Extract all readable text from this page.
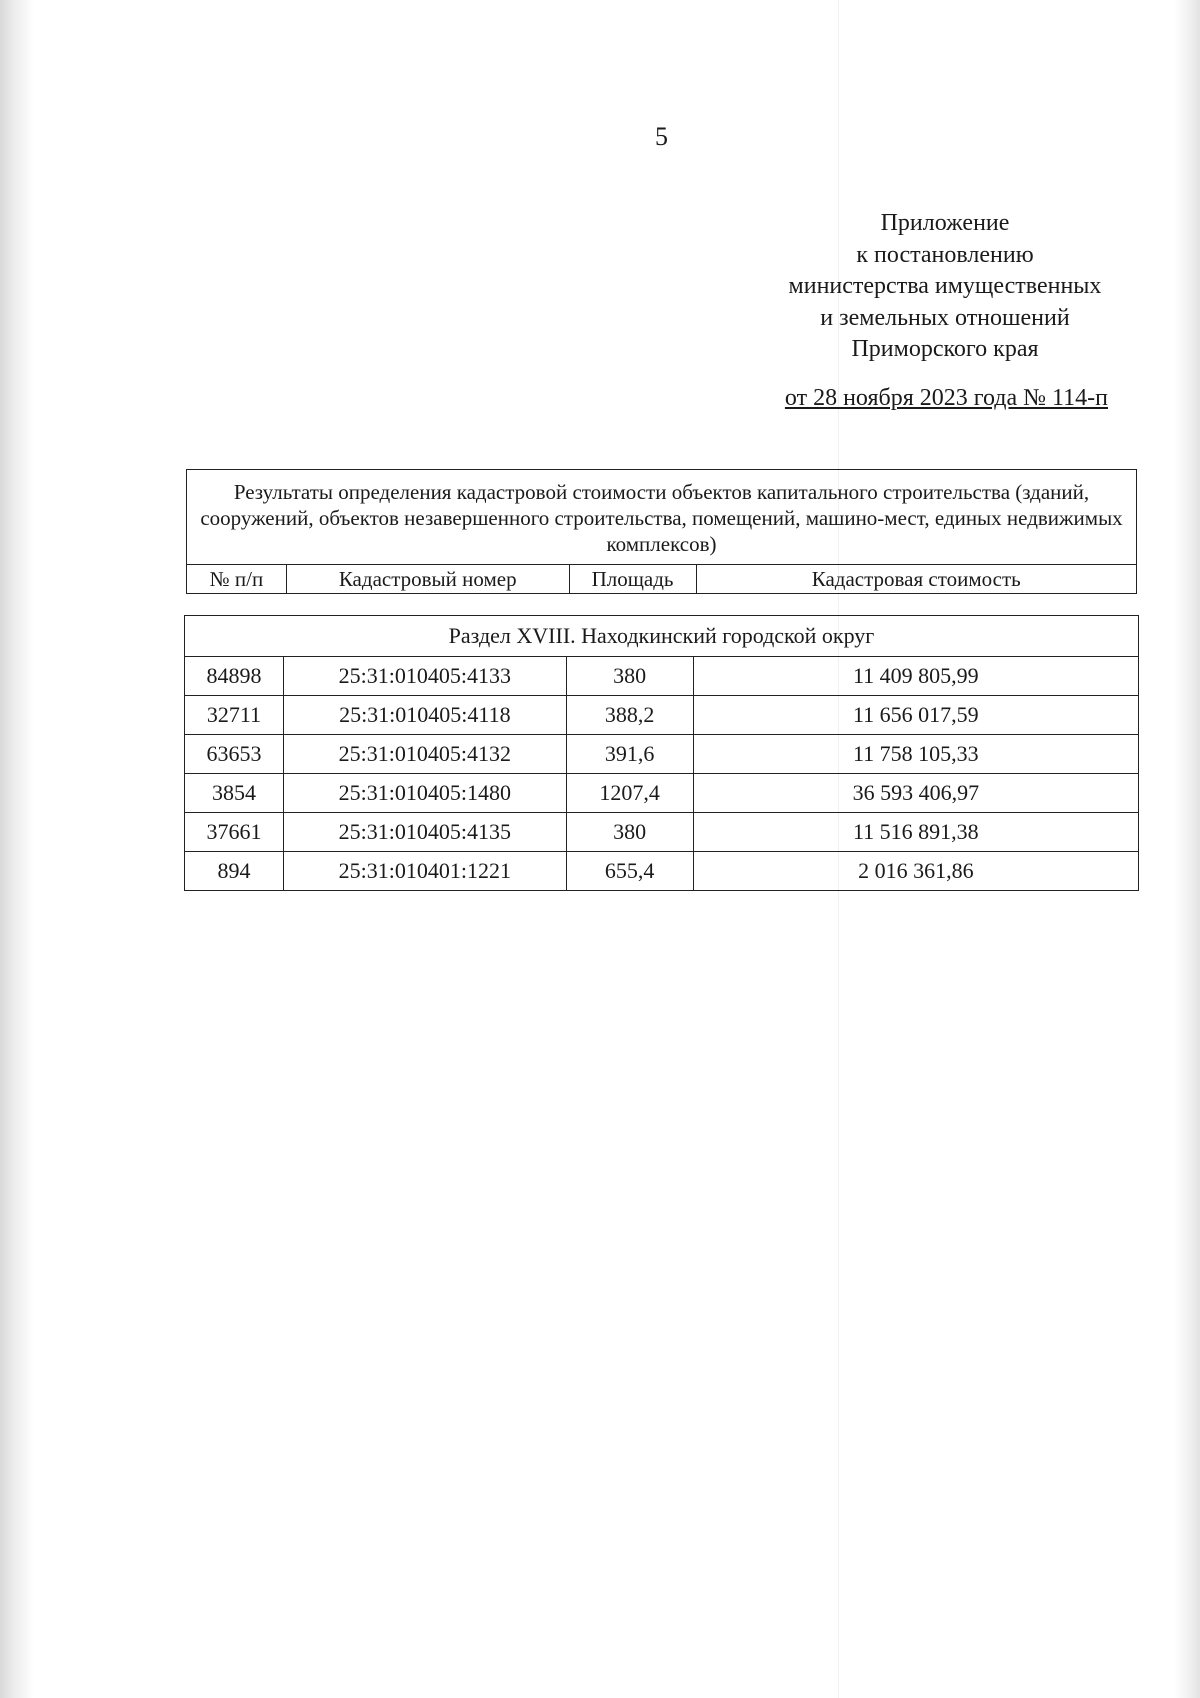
5
Приложение
к постановлению
министерства имущественных
и земельных отношений
Приморского края
от 28 ноября 2023 года № 114-п
Результаты определения кадастровой стоимости объектов капитального строительства (зданий, сооружений, объектов незавершенного строительства, помещений, машино-мест, единых недвижимых комплексов)
№ п/п	Кадастровый номер	Площадь	Кадастровая стоимость
Раздел XVIII. Находкинский городской округ			
84898	25:31:010405:4133	380	11 409 805,99
32711	25:31:010405:4118	388,2	11 656 017,59
63653	25:31:010405:4132	391,6	11 758 105,33
3854	25:31:010405:1480	1207,4	36 593 406,97
37661	25:31:010405:4135	380	11 516 891,38
894	25:31:010401:1221	655,4	2 016 361,86
